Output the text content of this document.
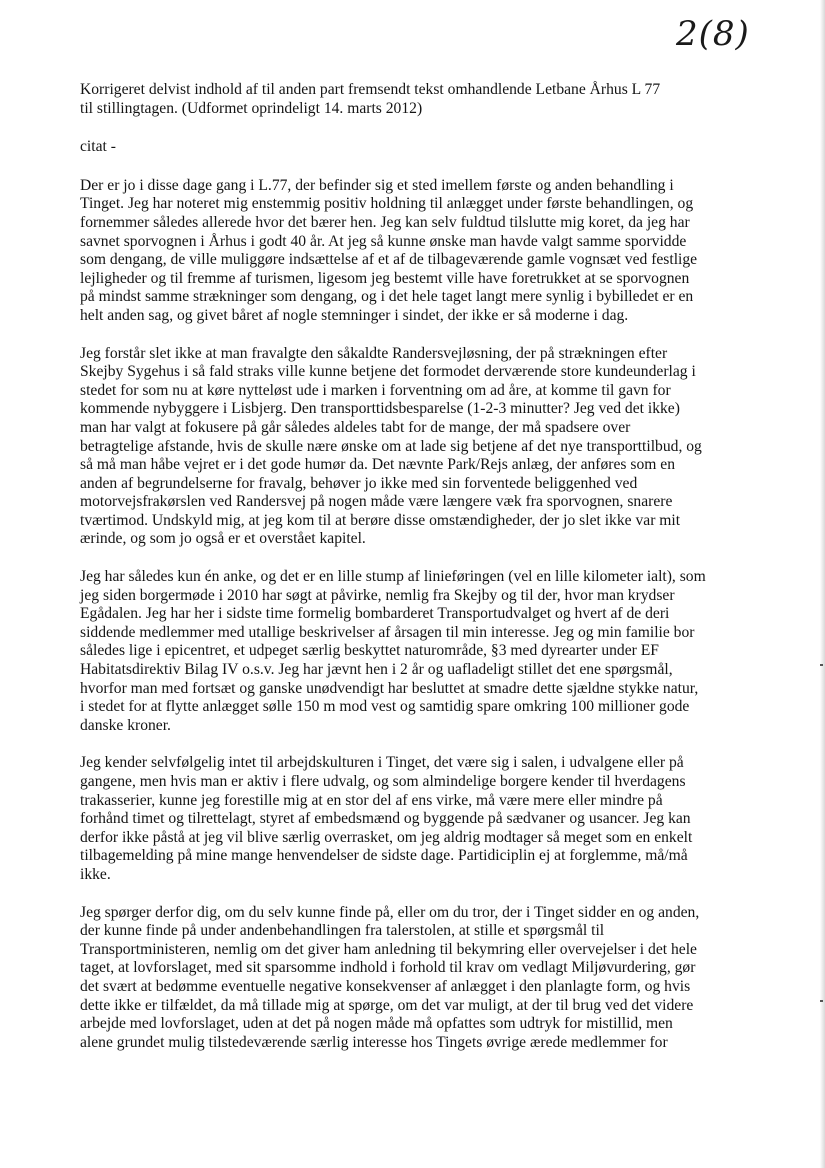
2(8)
Korrigeret delvist indhold af til anden part fremsendt tekst omhandlende Letbane Århus L 77
til stillingtagen. (Udformet oprindeligt 14. marts 2012)
citat -
Der er jo i disse dage gang i L.77, der befinder sig et sted imellem første og anden behandling i
Tinget. Jeg har noteret mig enstemmig positiv holdning til anlægget under første behandlingen, og
fornemmer således allerede hvor det bærer hen. Jeg kan selv fuldtud tilslutte mig koret, da jeg har
savnet sporvognen i Århus i godt 40 år. At jeg så kunne ønske man havde valgt samme sporvidde
som dengang, de ville muliggøre indsættelse af et af de tilbageværende gamle vognsæt ved festlige
lejligheder og til fremme af turismen, ligesom jeg bestemt ville have foretrukket at se sporvognen
på mindst samme strækninger som dengang, og i det hele taget langt mere synlig i bybilledet er en
helt anden sag, og givet båret af nogle stemninger i sindet, der ikke er så moderne i dag.
Jeg forstår slet ikke at man fravalgte den såkaldte Randersvejløsning, der på strækningen efter
Skejby Sygehus i så fald straks ville kunne betjene det formodet derværende store kundeunderlag i
stedet for som nu at køre nytteløst ude i marken i forventning om ad åre, at komme til gavn for
kommende nybyggere i Lisbjerg. Den transporttidsbesparelse (1-2-3 minutter? Jeg ved det ikke)
man har valgt at fokusere på går således aldeles tabt for de mange, der må spadsere over
betragtelige afstande, hvis de skulle nære ønske om at lade sig betjene af det nye transporttilbud, og
så må man håbe vejret er i det gode humør da. Det nævnte Park/Rejs anlæg, der anføres som en
anden af begrundelserne for fravalg, behøver jo ikke med sin forventede beliggenhed ved
motorvejsfrakørslen ved Randersvej på nogen måde være længere væk fra sporvognen, snarere
tværtimod. Undskyld mig, at jeg kom til at berøre disse omstændigheder, der jo slet ikke var mit
ærinde, og som jo også er et overstået kapitel.
Jeg har således kun én anke, og det er en lille stump af linieføringen (vel en lille kilometer ialt), som
jeg siden borgermøde i 2010 har søgt at påvirke, nemlig fra Skejby og til der, hvor man krydser
Egådalen. Jeg har her i sidste time formelig bombarderet Transportudvalget og hvert af de deri
siddende medlemmer med utallige beskrivelser af årsagen til min interesse. Jeg og min familie bor
således lige i epicentret, et udpeget særlig beskyttet naturområde, §3 med dyrearter under EF
Habitatsdirektiv Bilag IV o.s.v. Jeg har jævnt hen i 2 år og uafladeligt stillet det ene spørgsmål,
hvorfor man med fortsæt og ganske unødvendigt har besluttet at smadre dette sjældne stykke natur,
i stedet for at flytte anlægget sølle 150 m mod vest og samtidig spare omkring 100 millioner gode
danske kroner.
Jeg kender selvfølgelig intet til arbejdskulturen i Tinget, det være sig i salen, i udvalgene eller på
gangene, men hvis man er aktiv i flere udvalg, og som almindelige borgere kender til hverdagens
trakasserier, kunne jeg forestille mig at en stor del af ens virke, må være mere eller mindre på
forhånd timet og tilrettelagt, styret af embedsmænd og byggende på sædvaner og usancer. Jeg kan
derfor ikke påstå at jeg vil blive særlig overrasket, om jeg aldrig modtager så meget som en enkelt
tilbagemelding på mine mange henvendelser de sidste dage. Partidiciplin ej at forglemme, må/må
ikke.
Jeg spørger derfor dig, om du selv kunne finde på, eller om du tror, der i Tinget sidder en og anden,
der kunne finde på under andenbehandlingen fra talerstolen, at stille et spørgsmål til
Transportministeren, nemlig om det giver ham anledning til bekymring eller overvejelser i det hele
taget, at lovforslaget, med sit sparsomme indhold i forhold til krav om vedlagt Miljøvurdering, gør
det svært at bedømme eventuelle negative konsekvenser af anlægget i den planlagte form, og hvis
dette ikke er tilfældet, da må tillade mig at spørge, om det var muligt, at der til brug ved det videre
arbejde med lovforslaget, uden at det på nogen måde må opfattes som udtryk for mistillid, men
alene grundet mulig tilstedeværende særlig interesse hos Tingets øvrige ærede medlemmer for
